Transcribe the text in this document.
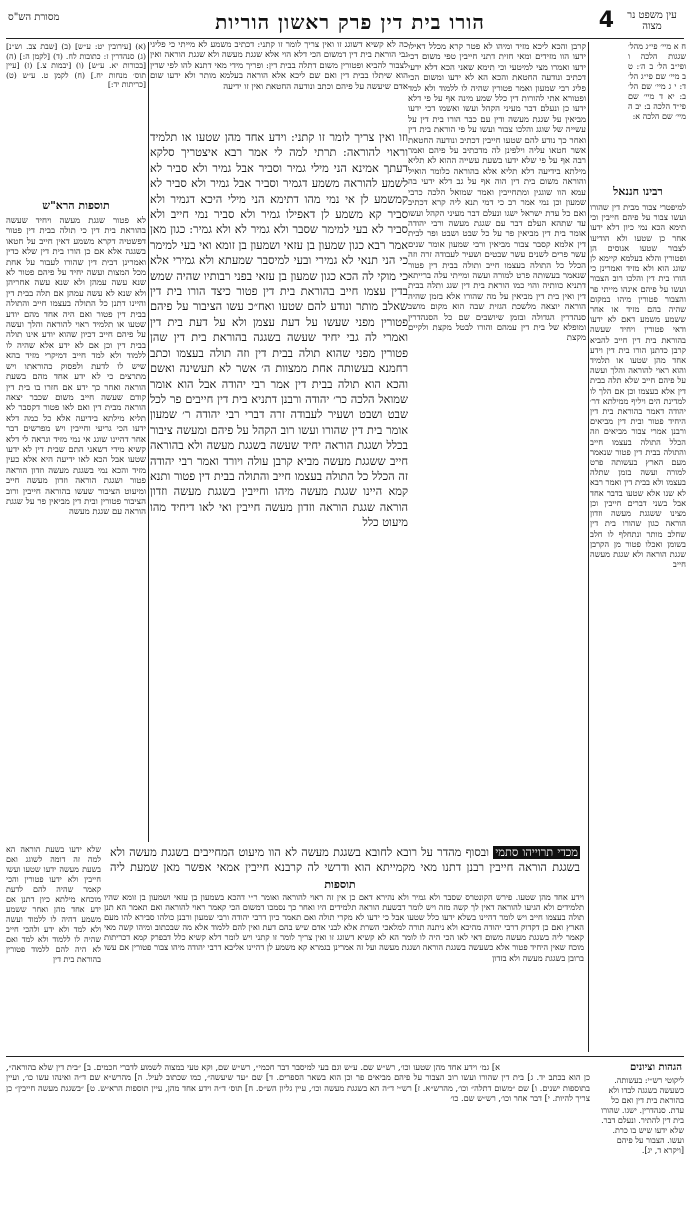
עין משפט נר מצוה
4
הורו בית דין פרק ראשון הוריות
מסורת הש"ס

ח א מיי׳ פי״ג מהל׳ שגגות הלכה ו ופי״ב הל׳ ב ה׳: ט ב מיי׳ שם פי״ג הל׳ ד: י ג מיי׳ שם הל׳ ב: יא ד מיי׳ שם פי״ד הלכה ב: יב ה מיי׳ שם הלכה א:

רבינו חננאל

למיפטרי צבור מבית דין שהורו ועשו צבור על פיהם חייבין וכי תימא הכא נמי כיון דלא ידעו אחר כן שטעו ולא הודיעו לצבור שטעו אנוסים הן ופטורין והלא בעלמא קיימא לן שוגג הוא ולא מזיד ואמרינן כי הורו בית דין והלכו רוב הצבור ועשו על פיהם אינהו מייתי פר והצבור פטורין מיהו במקום שהיה בהם מזיד או אחר ששמע משמע דאם לא ידעו ודאי פטורין ויחיד שעשה בהוראת בית דין חייב להביא קרבן כדתנן הורו בית דין וידע אחד מהן שטעו או תלמיד והוא ראוי להוראה והלך ועשה על פיהם חייב שלא תלה בבית דין אלא בעצמו וכן אם הלך לו למדינת הים ויליף ממילתא דר׳ יהודה דאמר בהוראת בית דין היחיד פטור ובית דין מביאים ורבנן אמרי צבור מביאים וזה הכלל התולה בעצמו חייב והתולה בבית דין פטור שנאמר מעם הארץ בעשותה פרט למורה ועשה בזמן שתלה בעצמו ולא בבית דין ואמר רבא לא שנו אלא שטעו בדבר אחד אבל בשני דברים חייבין וכן מצינו ששגגת מעשה וזדון הוראה כגון שהורו בית דין שחלב מותר ונתחלף לו חלב בשומן ואכלו פטור מן הקרבן שגגת הוראה ולא שגגת מעשה חייב

קרבן והכא ליכא מזיד ומיהו לא פטר קרא מכלל דאילו ידעו הוו מזידים ומאי חזית דתני חייבין טפי משום דכי ידעו ואמרו מצי למיטעי וכי תימא שאני הכא דלא ידעי דכתיב ונודעה החטאת והכא הא לא ידעו ומשום הכי פליג רבי שמעון ואמר פטורין שהיה לו ללמוד ולא למד ופטורא אתי להורות דין כלל שמע מינה אף על פי דלא ידעו כן ונעלם דבר מעיני הקהל ועשו ואשמו דכי ידעו מביאין על שגגת מעשה ודין עם כבר הורו בית דין על עשייה של שוגג והלכו צבור ועשו על פי הוראת בית דין ואחר כך נודע להם שטעו חייבין דכתיב ונודעה החטאת אשר חטאו עליה וילפינן לה מדכתיב על פיהם ואמר רבה אף על פי שלא ידעו בשעת עשייה ההוא לא תליא מילתא בידיעה דלא תליא אלא בהוראה כלומר הואיל והוראה משום בית דין הוה אף על גב דלא ידעי בה עמא הוו שוגגין ומתחייבין ואמר שמואל הלכה כרבי שמעון וכן נמי אמר רב כי דמי תנא ליה קרא דכתיב ואם כל עדת ישראל ישגו ונעלם דבר מעיני הקהל ועשו עד שתהא העלם דבר עם שגגת מעשה ורבי יהודה אומר בית דין מביאין פר על כל שבט ושבט ופר לבית דין אלמא קסבר צבור מביאין ורבי שמעון אומר שנים עשר פרים לשנים עשר שבטים ושעיר לעבודה זרה וזה הכלל כל התולה בעצמו חייב ותולה בבית דין פטור שנאמר בעשותה פרט למורה ועשה ומייתי עלה ברייתא דתניא כוותיה והוי כמו הוראת בית דין שגג ותלה בבית דין ואין בית דין מביאין על מה שהורו אלא בזמן שהיה הוראה יוצאה מלשכת הגזית שבה הוא מקום מושב סנהדרין הגדולה ובזמן שיושבים שם כל הסנהדרין ומופלא של בית דין עמהם והורו לבטל מקצת ולקיים מקצת

כה לא קשיא דשוגג זו ואין צריך לומר זו קתני: דכתיב משמע לא מייתי כי פליגי גבי הוראת בית דין דמשום הכי דלא הוי אלא שגגת מעשה ולא שגגת הוראה ואין לצבור להביא ופטורין משום דתלה בבית דין: ופריך מידי מאי דתנא להו לפי שדין הוא שיתלו בבית דין ואם שם ליכא אלא הוראה בעלמא מותר ולא ידעו שום אדם שיעשה על פיהם וכתב ונודעה החטאת ואין זו ידיעה

וזו ואין צריך לומר זו קתני: וידע אחד מהן שטעו או תלמיד וראוי להוראה: תרתי למה לי אמר רבא איצטריך סלקא דעתך אמינא הני מילי גמיר וסביר אבל גמיר ולא סביר לא לשמע להוראה משמע דגמיר וסביר אבל גמיר ולא סביר לא קמשמע לן אי נמי מהו דתימא הני מילי היכא דגמיר ולא סביר קא משמע לן דאפילו גמיר ולא סביר נמי חייב ולא סביר לא בעי למימר שסבר ולא גמיר לא ולא גמיר: כגון מאן אמר רבא כגון שמעון בן עזאי ושמעון בן זומא ואי בעי למימר כי הני תנאי לא גמירי ובעי למיסבר שמעתא ולא גמירי אלא כי מוקי לה הכא כגון שמעון בן עזאי בפני רבותיו שהיה שמש בדין עצמו חייב בהוראת בית דין פטור כיצד הורו בית דין שאלב מותר ונודע להם שטעו ואח״כ עשו הציבור על פיהם פטורין מפני שעשו על דעת עצמן ולא על דעת בית דין ואמרי לה גבי יחיד שעשה בשגגה בהוראת בית דין שהן פטורין מפני שהוא תולה בבית דין וזה תולה בעצמו וכתב רחמנא בעשותה אחת ממצוות ה׳ אשר לא תעשינה ואשם והכא הוא תולה בבית דין אמר רבי יהודה אבל הוא אומר שמואל הלכה כר׳ יהודה ורבנן דתניא בית דין חייבים פר לכל שבט ושבט ושעיר לעבודה זרה דברי רבי יהודה ר׳ שמעון אומר בית דין שהורו ועשו רוב הקהל על פיהם ומעשה ציבור בכלל ושגגת הוראה יחיד שעשה בשגגת מעשה ולא בהוראה חייב ששגגת מעשה מביא קרבן עולה ויורד ואמר רבי יהודה זה הכלל כל התולה בעצמו חייב והתולה בבית דין פטור ותנא קמא היינו שגגת מעשה מיהו וחייבין בשגגת מעשה וזדון הוראה שגגת הוראה וזדון מעשה חייבין ואי לאו דיחיד מהו מיעוט כלל

מכדי תרוייהו סתמי ובסוף מהדר על רובא לחובא בשגגת מעשה לא הוו מיעוט המחייבים בשגגת מעשה ולא בשגגת הוראה חייבין רבנן דתנו מאי מקמייתא הוא ודרשי לה קרבנא חייבין אמאי אפשר מאן שמעת ליה
תוספות הרא"ש

לא פטור שגגת מעשה ויחיד שעשה בהוראת בית דין כי תולה בבית דין פטור דפשטיה דקרא משמע דאין חייב על חטאו בשגגה אלא אם כן הורו בית דין שלא כדין ואמרינן דבית דין שהורו לעבור על אחת מכל המצות ועשה יחיד על פיהם פטור לא שנא עשה עמהן ולא שנא עשה אחריהן ולא שנא לא עשה עמהן אם תלה בבית דין והיינו דתנן כל התולה בעצמו חייב והתולה בבית דין פטור ואם היה אחד מהם יודע שטעו או תלמיד ראוי להוראה והלך ועשה על פיהם חייב דכיון שהוא יודע אינו תולה בבית דין וכן אם לא ידע אלא שהיה לו ללמוד ולא למד חייב דמיקרי מזיד בהא שיש לו לדעת ולפסוק כהוראתו ויש מתרצים כי לא ידע אחד מהם בשעת הוראה ואחר כך ידע אם חזרו בו בית דין קודם שעשה חייב משום שכבר יצאה הוראה מבית דין ואם לאו פטור דקסבר לא תליא מילתא בידיעה אלא כל כמה דלא ידעו הכי גריעי וחייבין ויש מפרשים דבר אחר דהיינו שוגג אי נמי מזיד ונראה לי דלא קשיא מידי דשאני התם שבית דין לא ידעו שטעו אבל הכא לאו ידיעה היא אלא כעין מזיד והכא נמי בשגגת מעשה וזדון הוראה פטור ושגגת הוראה וזדון מעשה חייב ומיעוט הציבור שעשו בהוראה חייבין ורוב הציבור פטורין ובית דין מביאין פר על שגגת הוראה עם שגגת מעשה

(א) [עירובין יט: ע״ש] (ב) [שבת צב. וש״נ] (ג) סנהדרין ז: כתובות לח. (ד) [לקמן ה:] (ה) [בכורות יא. ע״ש] (ו) [יבמות צ.] (ז) [עיין תוס׳ מנחות יח.] (ח) לקמן ט. ע״ש (ט) [כריתות יד:]

שלא ידעו בשעת הוראה הא למה זה דומה לשוגג ואם בשעת מעשה ידעו שטעו ועשו חייבין ולא ידעו פטורין והכי קאמר שהיה להם לדעת מוכחא מילתא כיון דתנן אם ידע אחד מהן ואחר ששמע משמע דהיה לו ללמוד ועשה ולא למד ולא ידע ולהכי חייב שהיה לו ללמוד ולא למד ואם לא היה להם ללמוד פטורין בהוראת בית דין

תוספות

וידע אחד מהן שטעו. פירש הקונטרס שסבר ולא גמיר ולא נהירא דאם כן אין זה ראוי להוראה ואומר ר״י דהכא בשמעון בן עזאי ושמעון בן זומא שהיו תלמידים ולא הגיעו להוראה דאין לך קשה מזה ויש לומר דבשעת הוראה תלמידים היו ואחר כך נסמכו דמשום הכי קאמר ראוי להוראה ואם תאמר הא תנן תולה בעצמו חייב ויש לומר דהיינו בשלא ידעו כלל שטעו אבל כי ידעו לא מקרי תולה ואם תאמר כיון דרבי יהודה ורבי שמעון ורבנן כולהו סבירא להו מעם הארץ ואם כן דקדוק דרבי יהודה מהיכא ולא ניתנה תורה למלאכי השרת אלא לבני אדם שיש בהם דעת ואין להם ללמוד אלא מה שבכתוב ומיהו קשה מאי קאמר ליה בשגגת מעשה משום דאי לאו הכי היה לו לומר הא לא קשיא דשוגג זו ואין צריך לומר זו קתני ויש לומר דלא קשיא כלל דבפרק קמא דכריתות מוכח שאין היחיד פטור אלא כשעשה בשגגת הוראה ושגגת מעשה ועל זה אמרינן בגמרא קא משמע לן דהיינו אליבא דרבי יהודה מיהו צבור פטורין אם עשו ברובן בשגגת מעשה ולא בזדון

הגהות וציונים

א] גמ׳ וידע אחד מהן שטעו וכו׳, רש״ש שם. ע״ש וגם בעי למיסבר דבר חכמי״, רש״ש שם, וקא טעי במצוה לשמוע לדברי חכמים. ב] ״בית דין שלא בהוראה״, כן הוא בכתב יד. ג] בית דין שהורו ועשו רוב הצבור על פיהם מביאים פר וכן הוא בשאר הספרים. ד] שם ״עד שיעשה״, כמו שכתוב לעיל. ה] מהרש״א שם ד״ה ואינהו עשו כו׳, ועיין בתוספות ישנים. ו] שם ״משום דתלה״ וכו׳, מהרש״א. ז] רש״י ד״ה הא בשגגת מעשה וכו׳, עיין גליון הש״ס. ח] תוס׳ ד״ה וידע אחד מהן, עיין תוספות הרא״ש. ט] ״בשגגת מעשה חייבין״ כן צריך להיות. י] דבר אחר וכו׳, רש״ש שם. כו׳

ליקוטי רש״י: בעשותה. כשעשה בשגגה לבדו ולא בהוראת בית דין ואם כל עדת. סנהדרין. ישגו. שהורו בית דין להתיר. ונעלם דבר. שלא ידעו שיש בו כרת. ועשו. הצבור על פיהם [ויקרא ד, יג].
